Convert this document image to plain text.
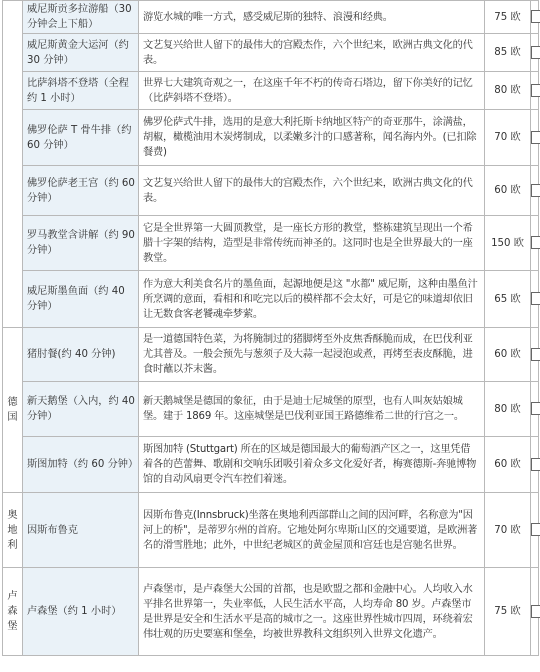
	威尼斯贡多拉游船（30 分钟会上下船）	游览水城的唯一方式，感受威尼斯的独特、浪漫和经典。	75 欧	
	威尼斯黄金大运河（约 30 分钟）	文艺复兴给世人留下的最伟大的宫殿杰作，六个世纪来，欧洲古典文化的代表。	85 欧	
	比萨斜塔不登塔（全程约 1 小时）	世界七大建筑奇观之一，在这座千年不朽的传奇石塔边，留下你美好的记忆（比萨斜塔不登塔）。	80 欧	
	佛罗伦萨 T 骨牛排（约 60 分钟）	佛罗伦萨式牛排，选用的是意大利托斯卡纳地区特产的奇亚那牛，涂满盐，胡椒，橄榄油用木炭烤制成，以柔嫩多汁的口感著称，闻名海内外。(已扣除餐费)	70 欧	
	佛罗伦萨老王宫（约 60 分钟）	文艺复兴给世人留下的最伟大的宫殿杰作，六个世纪来，欧洲古典文化的代表。	60 欧	
	罗马教堂含讲解（约 90 分钟）	它是全世界第一大圆顶教堂，是一座长方形的教堂，整栋建筑呈现出一个希腊十字架的结构，造型是非常传统而神圣的。这同时也是全世界最大的一座教堂。	150 欧	
	威尼斯墨鱼面（约 40 分钟）	作为意大利美食名片的墨鱼面，起源地便是这 "水都" 威尼斯，这种由墨鱼汁所烹调的意面，看相和和吃完以后的模样都不会太好，可是它的味道却依旧让无数食客老饕魂牵梦萦。	65 欧	

德国	猪肘餐(约 40 分钟)	是一道德国特色菜，为将腌制过的猪脚烤至外皮焦香酥脆而成，在巴伐利亚尤其普及。一般会预先与葱须子及大蒜一起浸泡或煮，再烤至表皮酥脆，进食时蘸以芥末酱。	60 欧	
	新天鹅堡（入内，约 40 分钟）	新天鹅城堡是德国的象征，由于是迪士尼城堡的原型，也有人叫灰姑娘城堡。建于 1869 年。这座城堡是巴伐利亚国王路德维希二世的行宫之一。	80 欧	
	斯图加特（约 60 分钟）	斯图加特 (Stuttgart) 所在的区域是德国最大的葡萄酒产区之一，这里凭借着各的芭蕾舞、歌剧和交响乐团吸引着众多文化爱好者，梅赛德斯-奔驰博物馆的自动风扇更令汽车控们着迷。	60 欧	

奥地利	因斯布鲁克	因斯布鲁克(Innsbruck)坐落在奥地利西部群山之间的因河畔，名称意为"因河上的桥"，是蒂罗尔州的首府。它地处阿尔卑斯山区的交通要道，是欧洲著名的滑雪胜地；此外，中世纪老城区的黄金屋顶和宫廷也是宫驰名世界。	70 欧	

卢森堡	卢森堡（约 1 小时）	卢森堡市，是卢森堡大公国的首都，也是欧盟之都和金融中心。人均收入水平排名世界第一，失业率低，人民生活水平高，人均寿命 80 岁。卢森堡市是世界是安全和生活水平是高的城市之一。这座世界性城市四周，环绕着宏伟壮观的历史要塞和堡垒，均被世界教科文组织列入世界文化遗产。	75 欧	
